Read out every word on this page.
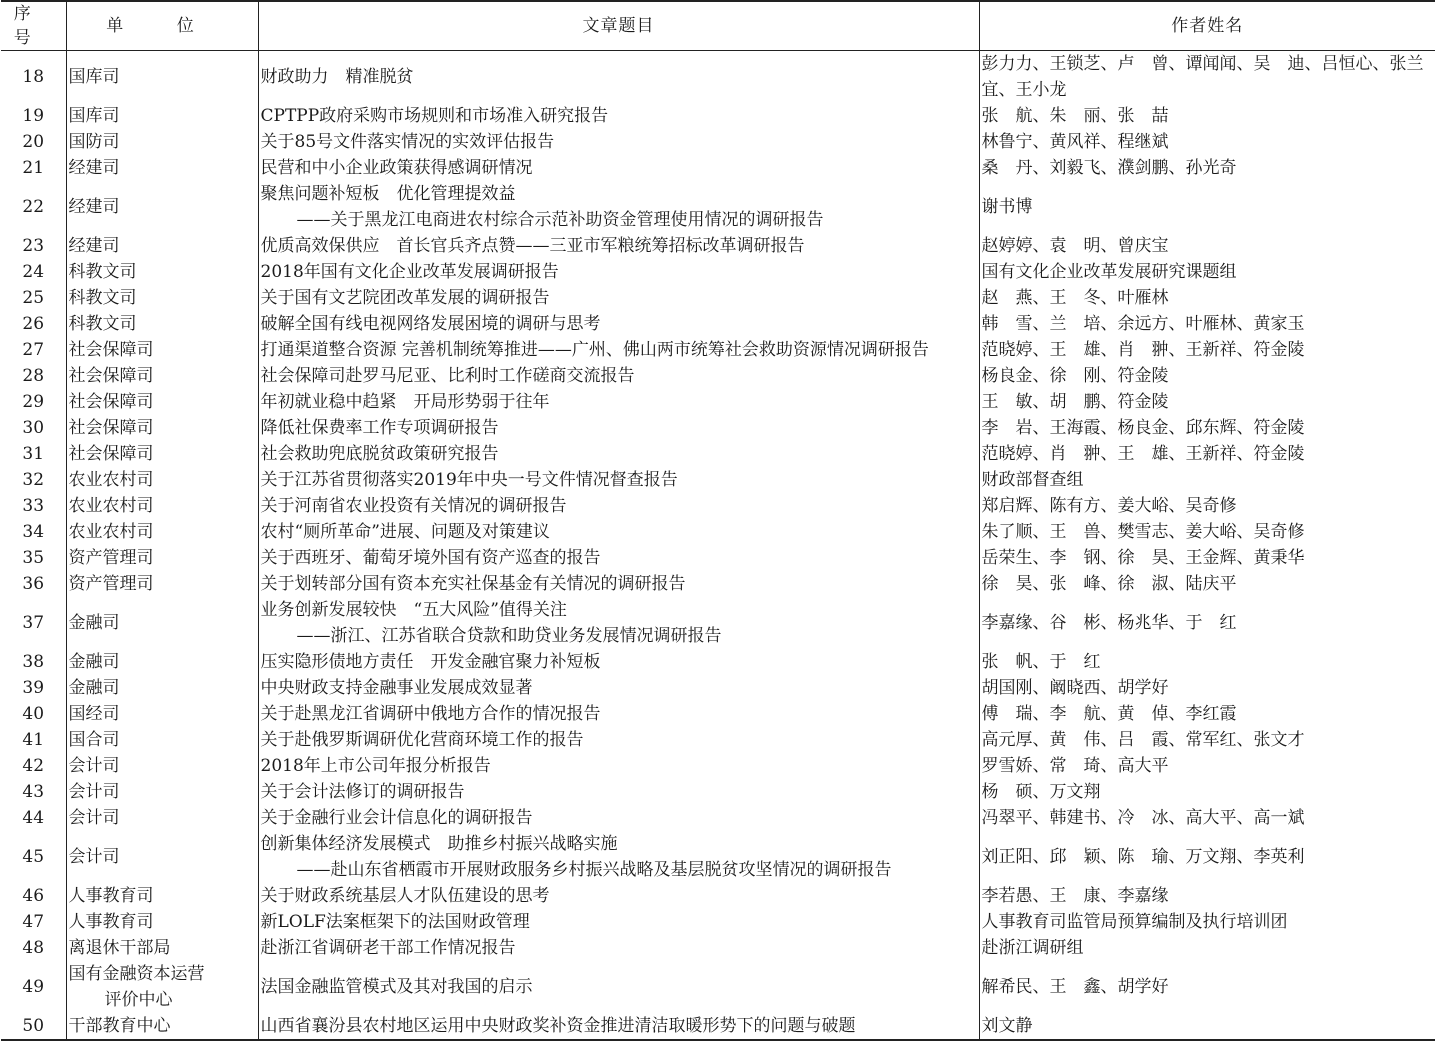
序 号	单 位	文章题目	作者姓名
18	国库司	财政助力　精准脱贫	彭力力、王锁芝、卢　曾、谭闻闻、吴　迪、吕恒心、张兰宜、王小龙
19	国库司	CPTPP政府采购市场规则和市场准入研究报告	张　航、朱　丽、张　喆
20	国防司	关于85号文件落实情况的实效评估报告	林鲁宁、黄风祥、程继斌
21	经建司	民营和中小企业政策获得感调研情况	桑　丹、刘毅飞、濮剑鹏、孙光奇
22	经建司	聚焦问题补短板　优化管理提效益
——关于黑龙江电商进农村综合示范补助资金管理使用情况的调研报告	谢书博
23	经建司	优质高效保供应　首长官兵齐点赞——三亚市军粮统筹招标改革调研报告	赵婷婷、袁　明、曾庆宝
24	科教文司	2018年国有文化企业改革发展调研报告	国有文化企业改革发展研究课题组
25	科教文司	关于国有文艺院团改革发展的调研报告	赵　燕、王　冬、叶雁林
26	科教文司	破解全国有线电视网络发展困境的调研与思考	韩　雪、兰　培、余远方、叶雁林、黄家玉
27	社会保障司	打通渠道整合资源 完善机制统筹推进——广州、佛山两市统筹社会救助资源情况调研报告	范晓婷、王　雄、肖　翀、王新祥、符金陵
28	社会保障司	社会保障司赴罗马尼亚、比利时工作磋商交流报告	杨良金、徐　刚、符金陵
29	社会保障司	年初就业稳中趋紧　开局形势弱于往年	王　敏、胡　鹏、符金陵
30	社会保障司	降低社保费率工作专项调研报告	李　岩、王海霞、杨良金、邱东辉、符金陵
31	社会保障司	社会救助兜底脱贫政策研究报告	范晓婷、肖　翀、王　雄、王新祥、符金陵
32	农业农村司	关于江苏省贯彻落实2019年中央一号文件情况督查报告	财政部督查组
33	农业农村司	关于河南省农业投资有关情况的调研报告	郑启辉、陈有方、姜大峪、吴奇修
34	农业农村司	农村“厕所革命”进展、问题及对策建议	朱了顺、王　兽、樊雪志、姜大峪、吴奇修
35	资产管理司	关于西班牙、葡萄牙境外国有资产巡查的报告	岳荣生、李　钢、徐　昊、王金辉、黄秉华
36	资产管理司	关于划转部分国有资本充实社保基金有关情况的调研报告	徐　昊、张　峰、徐　淑、陆庆平
37	金融司	业务创新发展较快　“五大风险”值得关注
——浙江、江苏省联合贷款和助贷业务发展情况调研报告	李嘉缘、谷　彬、杨兆华、于　红
38	金融司	压实隐形债地方责任　开发金融官聚力补短板	张　帆、于　红
39	金融司	中央财政支持金融事业发展成效显著	胡国刚、阚晓西、胡学好
40	国经司	关于赴黑龙江省调研中俄地方合作的情况报告	傅　瑞、李　航、黄　倬、李红霞
41	国合司	关于赴俄罗斯调研优化营商环境工作的报告	高元厚、黄　伟、吕　霞、常军红、张文才
42	会计司	2018年上市公司年报分析报告	罗雪娇、常　琦、高大平
43	会计司	关于会计法修订的调研报告	杨　硕、万文翔
44	会计司	关于金融行业会计信息化的调研报告	冯翠平、韩建书、冷　冰、高大平、高一斌
45	会计司	创新集体经济发展模式　助推乡村振兴战略实施
——赴山东省栖霞市开展财政服务乡村振兴战略及基层脱贫攻坚情况的调研报告	刘正阳、邱　颖、陈　瑜、万文翔、李英利
46	人事教育司	关于财政系统基层人才队伍建设的思考	李若愚、王　康、李嘉缘
47	人事教育司	新LOLF法案框架下的法国财政管理	人事教育司监管局预算编制及执行培训团
48	离退休干部局	赴浙江省调研老干部工作情况报告	赴浙江调研组
49	国有金融资本运营
评价中心	法国金融监管模式及其对我国的启示	解希民、王　鑫、胡学好
50	干部教育中心	山西省襄汾县农村地区运用中央财政奖补资金推进清洁取暖形势下的问题与破题	刘文静
